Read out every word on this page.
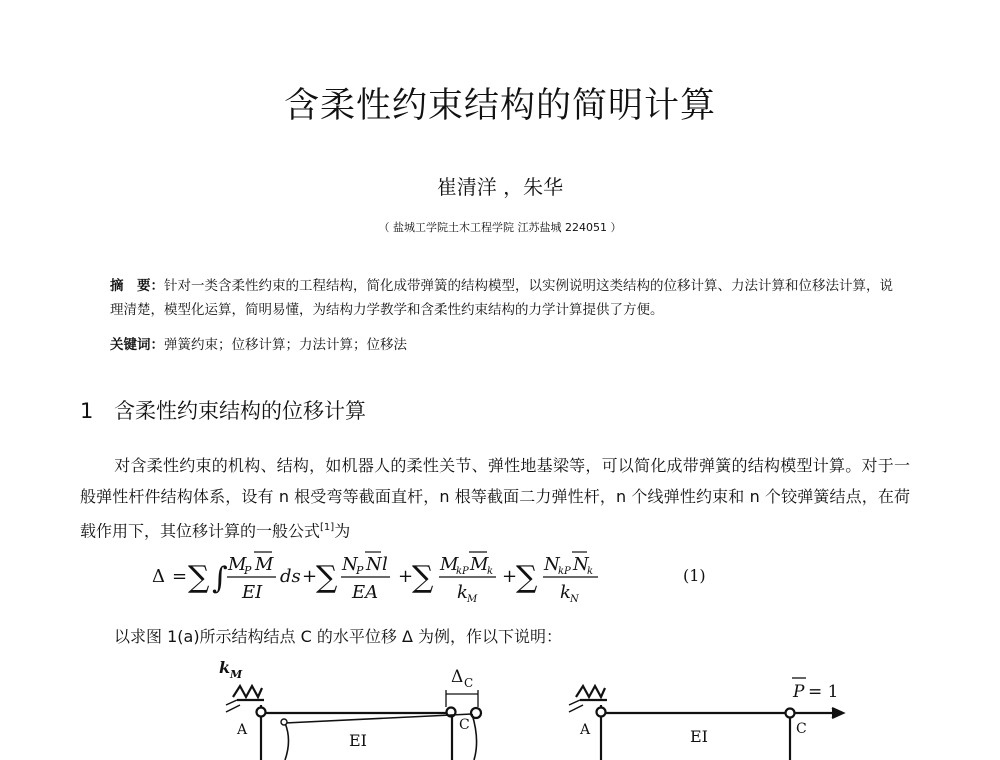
含柔性约束结构的简明计算
崔清洋 ，朱华
（ 盐城工学院土木工程学院 江苏盐城 224051 ）
摘　要：针对一类含柔性约束的工程结构，简化成带弹簧的结构模型，以实例说明这类结构的位移计算、力法计算和位移法计算，说理清楚，模型化运算，简明易懂，为结构力学教学和含柔性约束结构的力学计算提供了方便。
关键词：弹簧约束；位移计算；力法计算；位移法
1 含柔性约束结构的位移计算
对含柔性约束的机构、结构，如机器人的柔性关节、弹性地基梁等，可以简化成带弹簧的结构模型计算。对于一般弹性杆件结构体系，设有 n 根受弯等截面直杆，n 根等截面二力弹性杆，n 个线弹性约束和 n 个铰弹簧结点，在荷载作用下，其位移计算的一般公式[1]为
Δ = ∑ ∫ M
P M
EI
ds +
∑ N
P N l
EA
+
∑ M
kP M
k
k M
+
∑ N
kP N
k
k N
(1)
以求图 1(a)所示结构结点 C 的水平位移 Δ 为例，作以下说明：
k M	Δ C
A	C
EI
A	C
EI
P = 1
